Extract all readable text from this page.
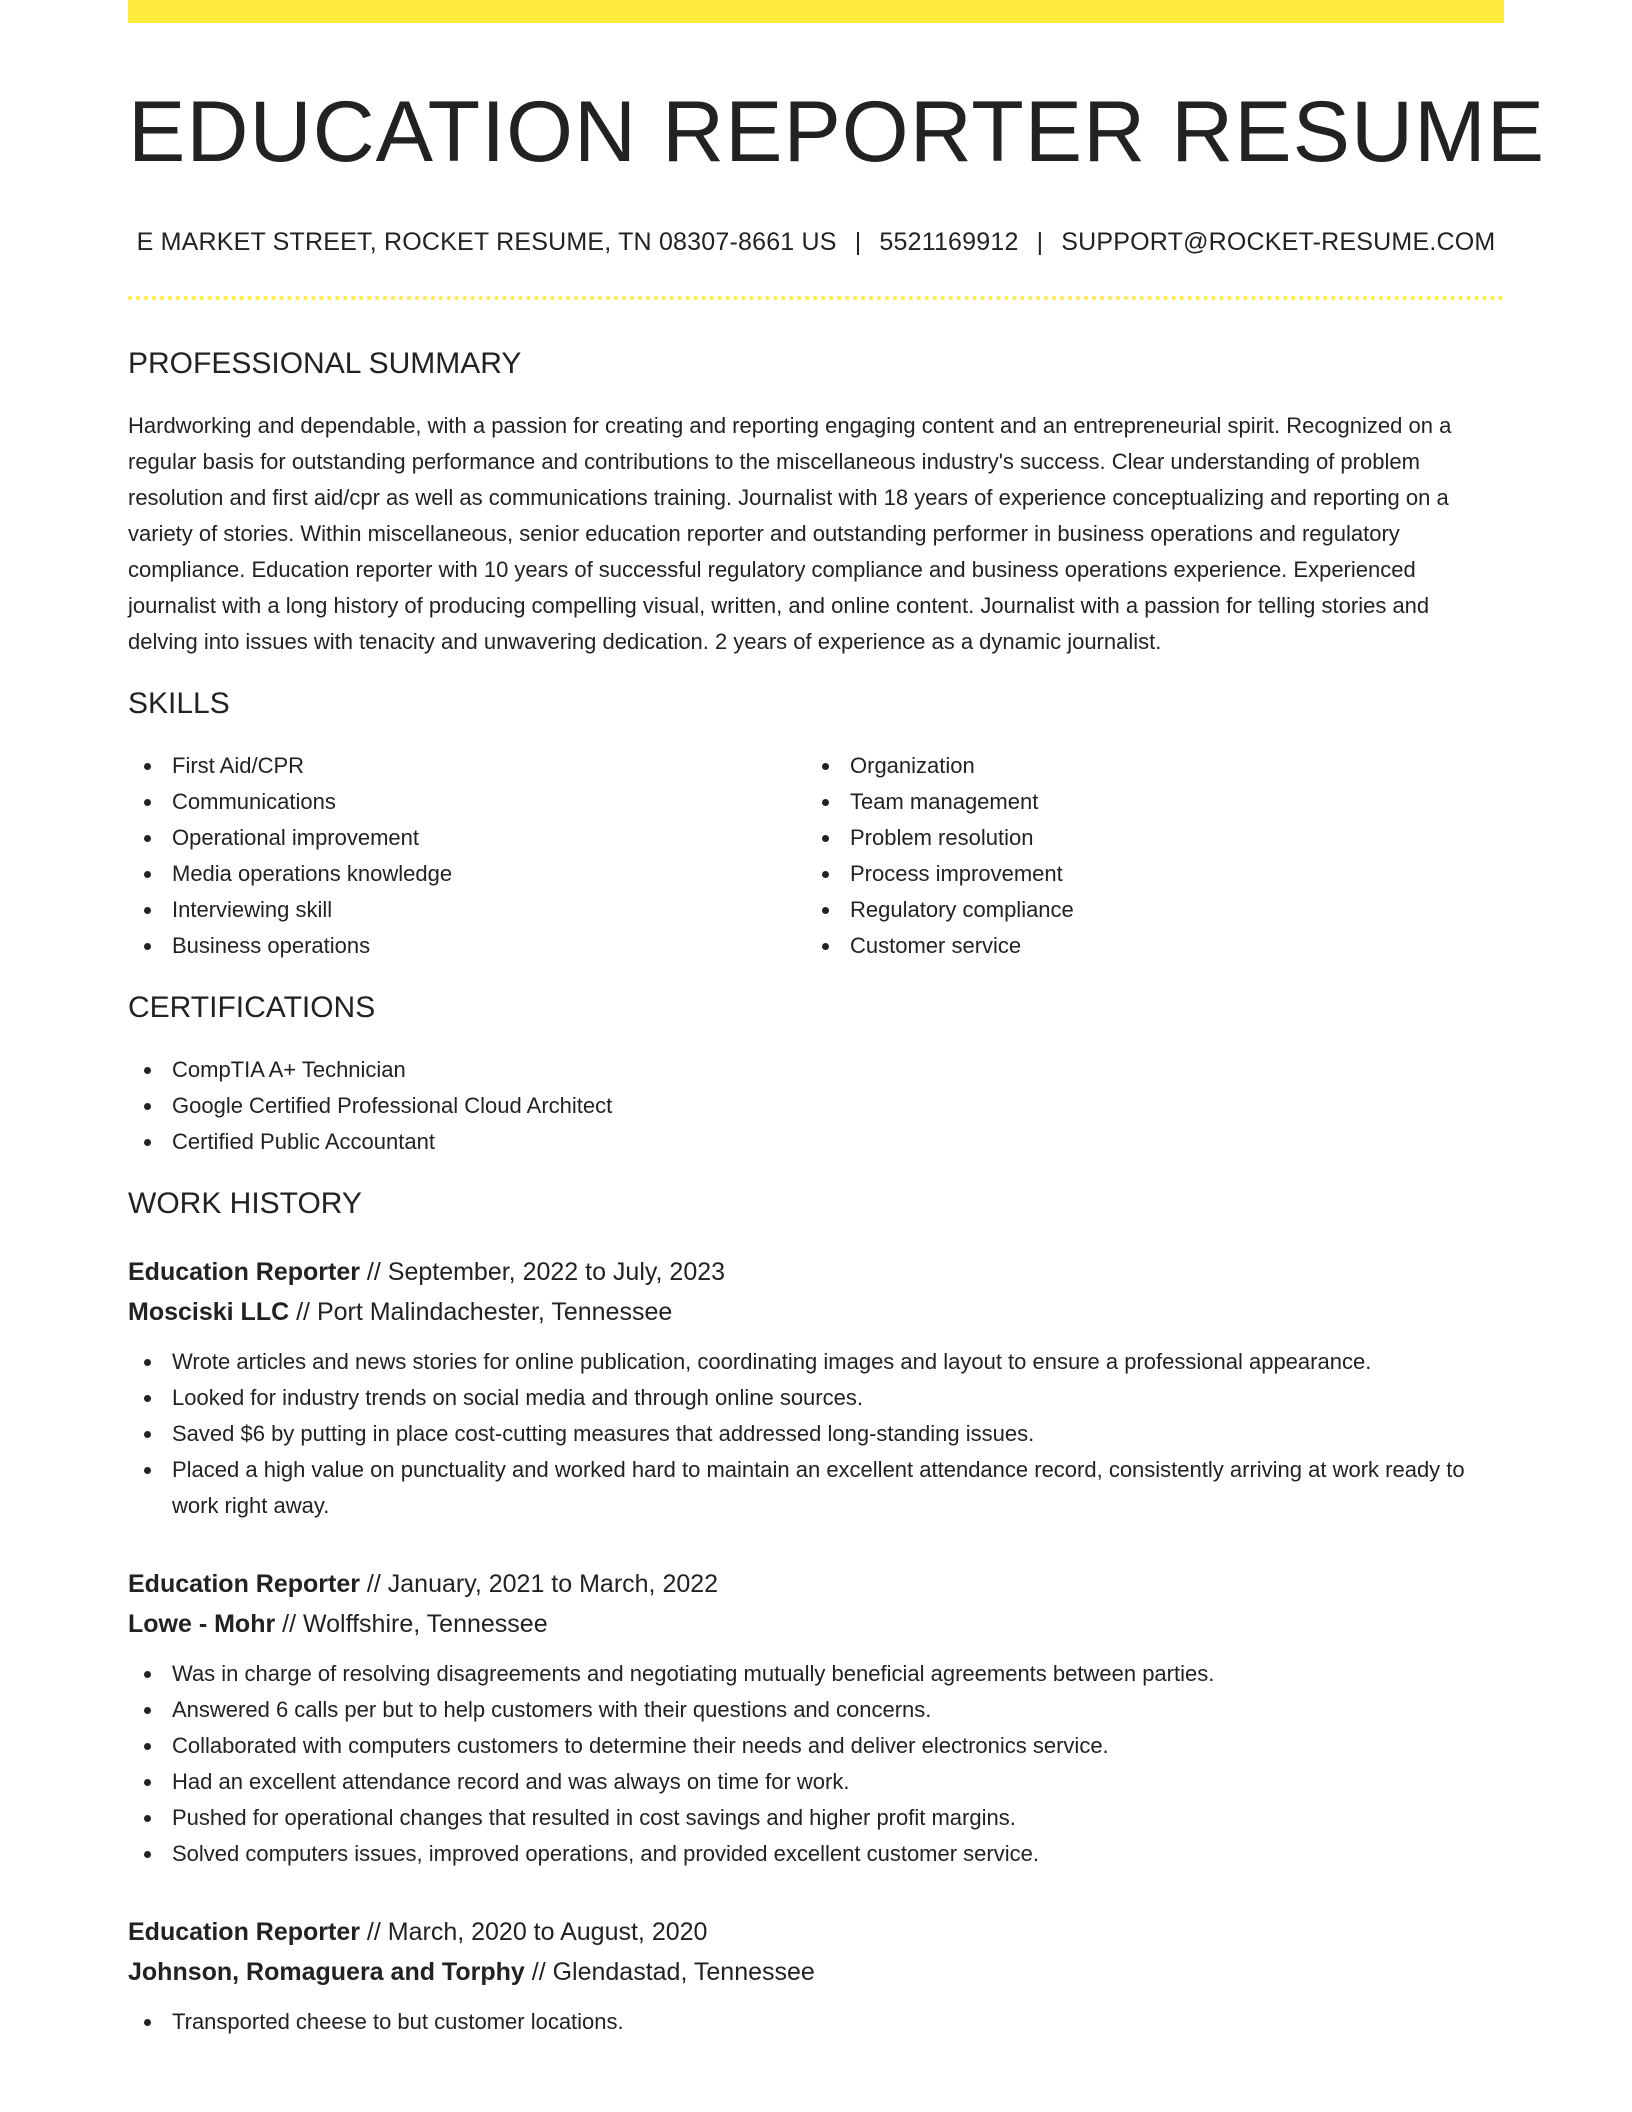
EDUCATION REPORTER RESUME
E MARKET STREET, ROCKET RESUME, TN 08307-8661 US | 5521169912 | SUPPORT@ROCKET-RESUME.COM
PROFESSIONAL SUMMARY

Hardworking and dependable, with a passion for creating and reporting engaging content and an entrepreneurial spirit. Recognized on a regular basis for outstanding performance and contributions to the miscellaneous industry's success. Clear understanding of problem resolution and first aid/cpr as well as communications training. Journalist with 18 years of experience conceptualizing and reporting on a variety of stories. Within miscellaneous, senior education reporter and outstanding performer in business operations and regulatory compliance. Education reporter with 10 years of successful regulatory compliance and business operations experience. Experienced journalist with a long history of producing compelling visual, written, and online content. Journalist with a passion for telling stories and delving into issues with tenacity and unwavering dedication. 2 years of experience as a dynamic journalist.

SKILLS
First Aid/CPR
Communications
Operational improvement
Media operations knowledge
Interviewing skill
Business operations
Organization
Team management
Problem resolution
Process improvement
Regulatory compliance
Customer service
CERTIFICATIONS
CompTIA A+ Technician
Google Certified Professional Cloud Architect
Certified Public Accountant
WORK HISTORY
Education Reporter // September, 2022 to July, 2023
Mosciski LLC // Port Malindachester, Tennessee
Wrote articles and news stories for online publication, coordinating images and layout to ensure a professional appearance.
Looked for industry trends on social media and through online sources.
Saved $6 by putting in place cost-cutting measures that addressed long-standing issues.
Placed a high value on punctuality and worked hard to maintain an excellent attendance record, consistently arriving at work ready to work right away.
Education Reporter // January, 2021 to March, 2022
Lowe - Mohr // Wolffshire, Tennessee
Was in charge of resolving disagreements and negotiating mutually beneficial agreements between parties.
Answered 6 calls per but to help customers with their questions and concerns.
Collaborated with computers customers to determine their needs and deliver electronics service.
Had an excellent attendance record and was always on time for work.
Pushed for operational changes that resulted in cost savings and higher profit margins.
Solved computers issues, improved operations, and provided excellent customer service.
Education Reporter // March, 2020 to August, 2020
Johnson, Romaguera and Torphy // Glendastad, Tennessee
Transported cheese to but customer locations.
